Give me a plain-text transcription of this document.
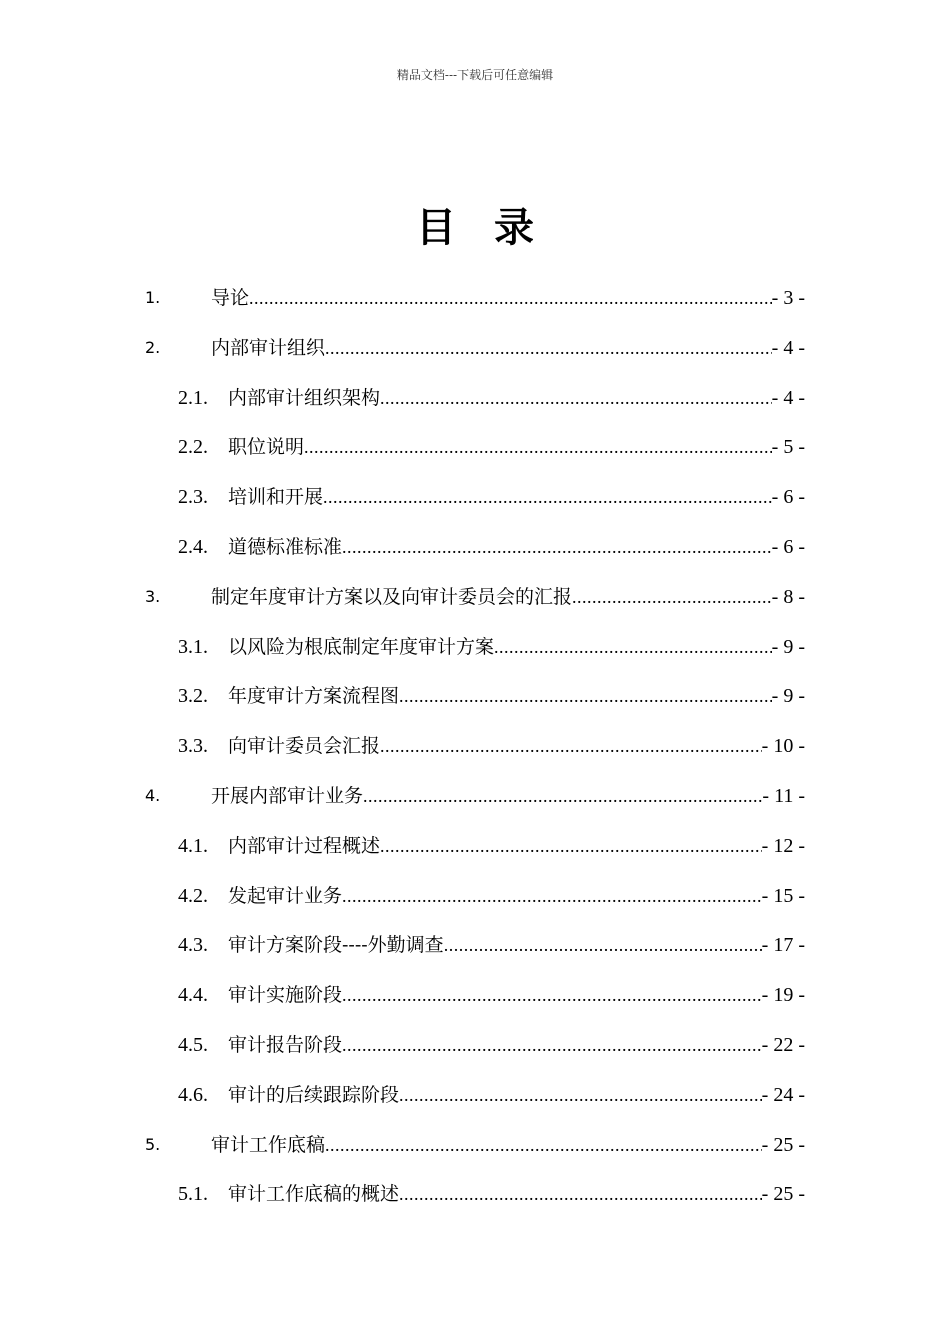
精品文档---下载后可任意编辑
目录
1.	导论 .....	- 3 -
2.	内部审计组织 .....	- 4 -
2.1. 内部审计组织架构 .....	- 4 -
2.2. 职位说明 .....	- 5 -
2.3. 培训和开展 .....	- 6 -
2.4. 道德标准标准 .....	- 6 -
3.	制定年度审计方案以及向审计委员会的汇报 .....	- 8 -
3.1. 以风险为根底制定年度审计方案 .....	- 9 -
3.2. 年度审计方案流程图 .....	- 9 -
3.3. 向审计委员会汇报 .....	- 10 -
4.	开展内部审计业务 .....	- 11 -
4.1. 内部审计过程概述 .....	- 12 -
4.2. 发起审计业务 .....	- 15 -
4.3. 审计方案阶段----外勤调查 .....	- 17 -
4.4. 审计实施阶段 .....	- 19 -
4.5. 审计报告阶段 .....	- 22 -
4.6. 审计的后续跟踪阶段 .....	- 24 -
5.	审计工作底稿 .....	- 25 -
5.1. 审计工作底稿的概述 .....	- 25 -
